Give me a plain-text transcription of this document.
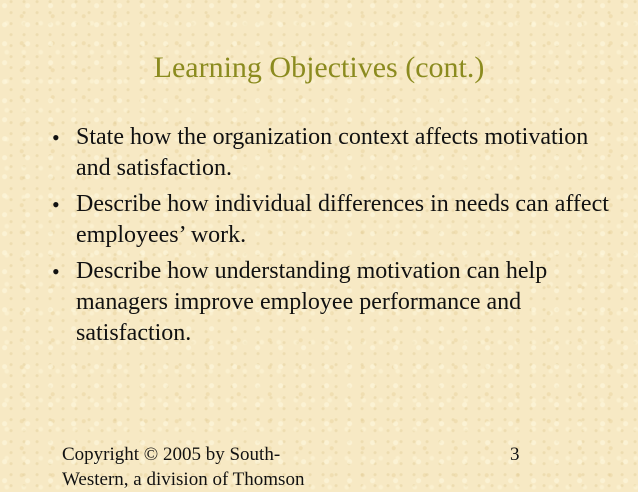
Learning Objectives (cont.)
• State how the organization context affects motivation and satisfaction.
• Describe how individual differences in needs can affect employees’ work.
• Describe how understanding motivation can help managers improve employee performance and satisfaction.
Copyright © 2005 by South-Western, a division of Thomson
3
